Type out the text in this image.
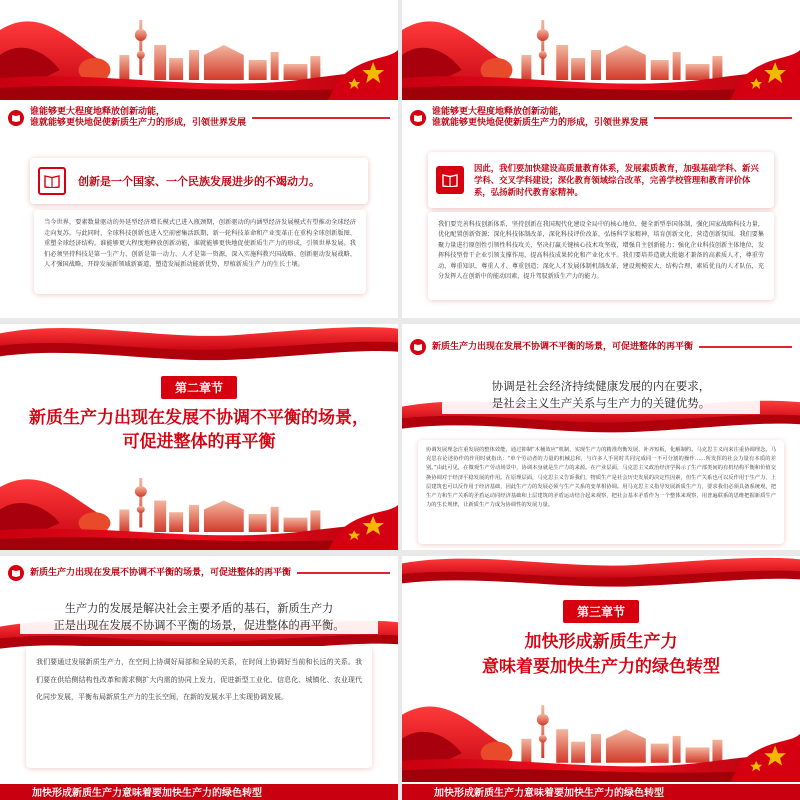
谁能够更大程度地释放创新动能，
谁就能够更快地促使新质生产力的形成，引领世界发展
创新是一个国家、一个民族发展进步的不竭动力。
当今世界，要素数量驱动的外延型经济增长模式已进入瓶颈期，创新驱动的内涵型经济发展模式有望推动全球经济走向复苏。与此同时，全球科技创新也进入空前密集活跃期，新一轮科技革命和产业变革正在重构全球创新版图、重塑全球经济结构。谁能够更大程度地释放创新动能，谁就能够更快地促使新质生产力的形成，引领世界发展。我们必须坚持科技是第一生产力、创新是第一动力、人才是第一资源，深入实施科教兴国战略、创新驱动发展战略、人才强国战略，开辟发展新领域新赛道，塑造发展新动能新优势，厚植新质生产力的生长土壤。
谁能够更大程度地释放创新动能，
谁就能够更快地促使新质生产力的形成，引领世界发展
因此，我们要加快建设高质量教育体系，发展素质教育，加强基础学科、新兴学科、交叉学科建设；深化教育领域综合改革，完善学校管理和教育评价体系，弘扬新时代教育家精神。
我们要完善科技创新体系，坚持创新在我国现代化建设全局中的核心地位，健全新型举国体制，强化国家战略科技力量，优化配置创新资源；深化科技体制改革，深化科技评价改革，弘扬科学家精神，培育创新文化，营造创新氛围。我们要集聚力量进行原创性引领性科技攻关，坚决打赢关键核心技术攻坚战，增强自主创新能力；强化企业科技创新主体地位，发挥科技型骨干企业引领支撑作用，提高科技成果转化和产业化水平。我们要培养造就大批德才兼备的高素质人才，尊重劳动、尊重知识、尊重人才、尊重创造；深化人才发展体制机制改革，建设规模宏大、结构合理、素质优良的人才队伍，充分发挥人在创新中的能动因素，提升驾驭新质生产力的能力。
第二章节
新质生产力出现在发展不协调不平衡的场景，
可促进整体的再平衡
新质生产力出现在发展不协调不平衡的场景，可促进整体的再平衡
协调是社会经济持续健康发展的内在要求，
是社会主义生产关系与生产力的关键优势。
协调发展理念注重发展的整体效能，通过抑制“木桶效应”机制，实现生产力的精准均衡发展，补齐短板，化解制约。马克思主义向来注重协调理念。马克思在论述协作的作用时就指出：“单个劳动者的力量的机械总和，与许多人手同时共同完成同一不可分割的操作……所发挥的社会力量有本质的差别。”由此可见，在微观生产劳动场景中，协调本身就是生产力的来源。在产业层面，马克思主义政治经济学揭示了生产部类间的有机结构平衡和价值交换协调对于经济平稳发展的作用。在原理层面，马克思主义告诉我们，物质生产是社会历史发展的决定性因素，但生产关系也可以反作用于生产力，上层建筑也可以反作用于经济基础，因此生产力的发展必须与生产关系的变革相协调。用马克思主义指导发展新质生产力，要求我们必须具备系统观，把生产力和生产关系的矛盾运动同经济基础和上层建筑的矛盾运动结合起来观察，把社会基本矛盾作为一个整体来观察，用普遍联系的思维把握新质生产力的生长规律，让新质生产力成为协调性的发展力量。
新质生产力出现在发展不协调不平衡的场景，可促进整体的再平衡
生产力的发展是解决社会主要矛盾的基石，新质生产力
正是出现在发展不协调不平衡的场景，促进整体的再平衡。
我们要通过发展新质生产力，在空间上协调好局部和全局的关系，在时间上协调好当前和长远的关系。我们要在供给侧结构性改革和需求侧扩大内需的协同上发力，促进新型工业化、信息化、城镇化、农业现代化同步发展，平衡布局新质生产力的生长空间，在新的发展水平上实现协调发展。
加快形成新质生产力意味着要加快生产力的绿色转型
第三章节
加快形成新质生产力
意味着要加快生产力的绿色转型
加快形成新质生产力意味着要加快生产力的绿色转型
